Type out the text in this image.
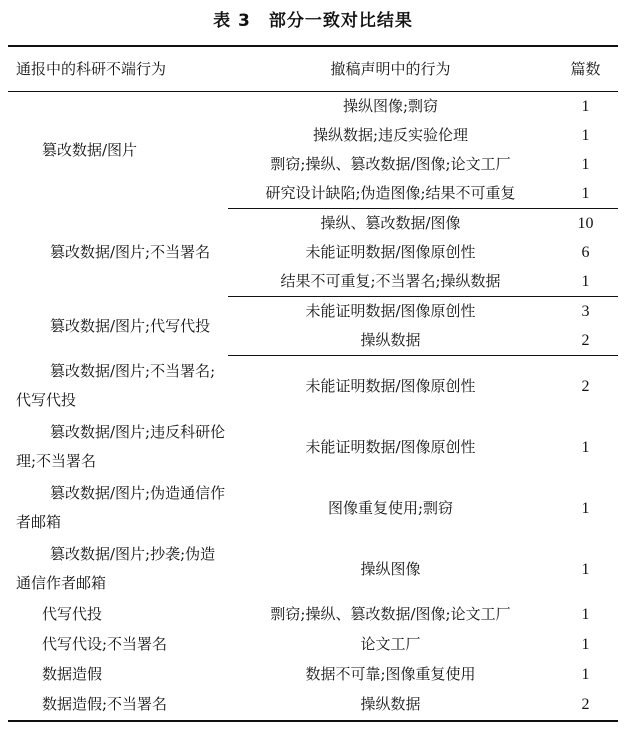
表 3 部分一致对比结果
通报中的科研不端行为	撤稿声明中的行为	篇数
篡改数据/图片	操纵图像;剽窃	1
	操纵数据;违反实验伦理	1
	剽窃;操纵、篡改数据/图像;论文工厂	1
	研究设计缺陷;伪造图像;结果不可重复	1
篡改数据/图片;不当署名	操纵、篡改数据/图像	10
	未能证明数据/图像原创性	6
	结果不可重复;不当署名;操纵数据	1
篡改数据/图片;代写代投	未能证明数据/图像原创性	3
	操纵数据	2
篡改数据/图片;不当署名;代写代投	未能证明数据/图像原创性	2
篡改数据/图片;违反科研伦理;不当署名	未能证明数据/图像原创性	1
篡改数据/图片;伪造通信作者邮箱	图像重复使用;剽窃	1
篡改数据/图片;抄袭;伪造通信作者邮箱	操纵图像	1
代写代投	剽窃;操纵、篡改数据/图像;论文工厂	1
代写代设;不当署名	论文工厂	1
数据造假	数据不可靠;图像重复使用	1
数据造假;不当署名	操纵数据	2
